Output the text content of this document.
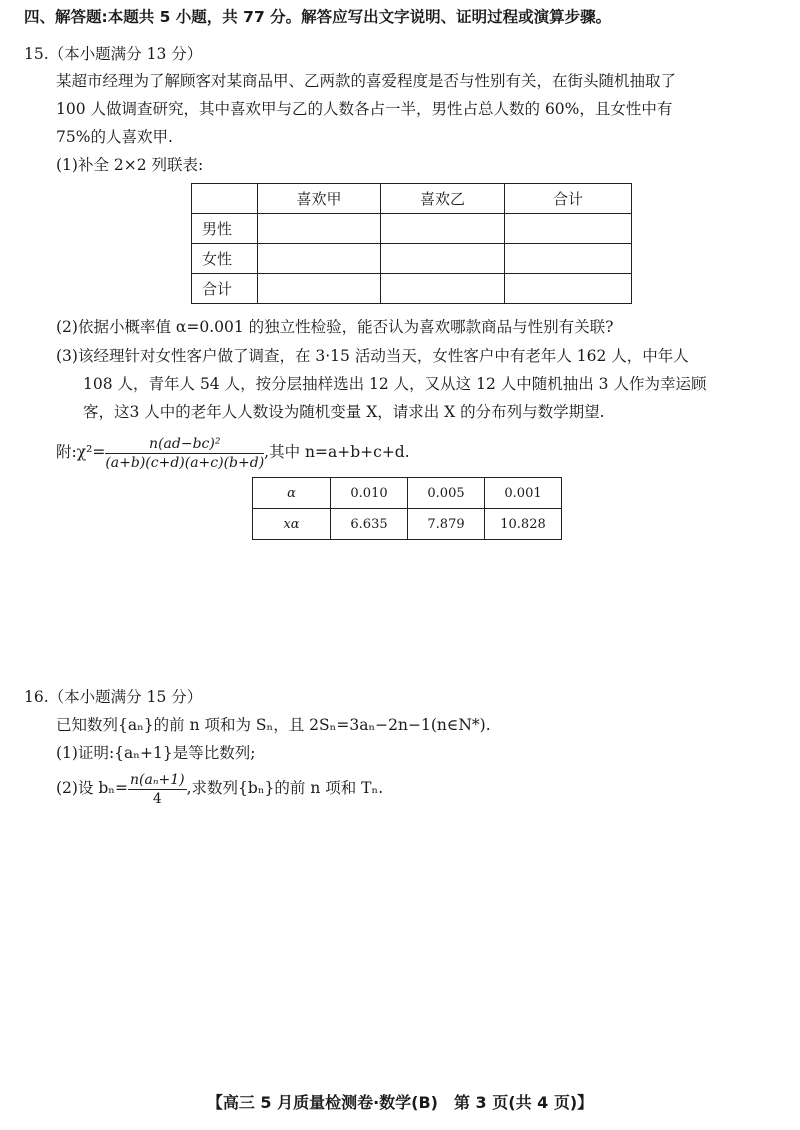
四、解答题:本题共 5 小题，共 77 分。解答应写出文字说明、证明过程或演算步骤。
15.（本小题满分 13 分）
某超市经理为了解顾客对某商品甲、乙两款的喜爱程度是否与性别有关，在街头随机抽取了
100 人做调查研究，其中喜欢甲与乙的人数各占一半，男性占总人数的 60%，且女性中有
75%的人喜欢甲.
(1)补全 2×2 列联表:
	喜欢甲	喜欢乙	合计
男性			
女性			
合计			
(2)依据小概率值 α=0.001 的独立性检验，能否认为喜欢哪款商品与性别有关联?
(3)该经理针对女性客户做了调查，在 3·15 活动当天，女性客户中有老年人 162 人，中年人
108 人，青年人 54 人，按分层抽样选出 12 人，又从这 12 人中随机抽出 3 人作为幸运顾
客，这3 人中的老年人人数设为随机变量 X，请求出 X 的分布列与数学期望.
附:χ²= $\frac{\text{n(ad−bc)²}}{(a+b)(c+d)(a+c)(b+d)}$ ,其中 n=a+b+c+d.
α	0.010	0.005	0.001
xα	6.635	7.879	10.828
16.（本小题满分 15 分）
已知数列{aₙ}的前 n 项和为 Sₙ，且 2Sₙ=3aₙ−2n−1(n∈N*).
(1)证明:{aₙ+1}是等比数列;
(2)设 $b_n= \frac{\text{n(aₙ+1)}}{4}$ ,求数列{bₙ}的前 n 项和 Tₙ.
【高三 5 月质量检测卷·数学(B)　第 3 页(共 4 页)】
